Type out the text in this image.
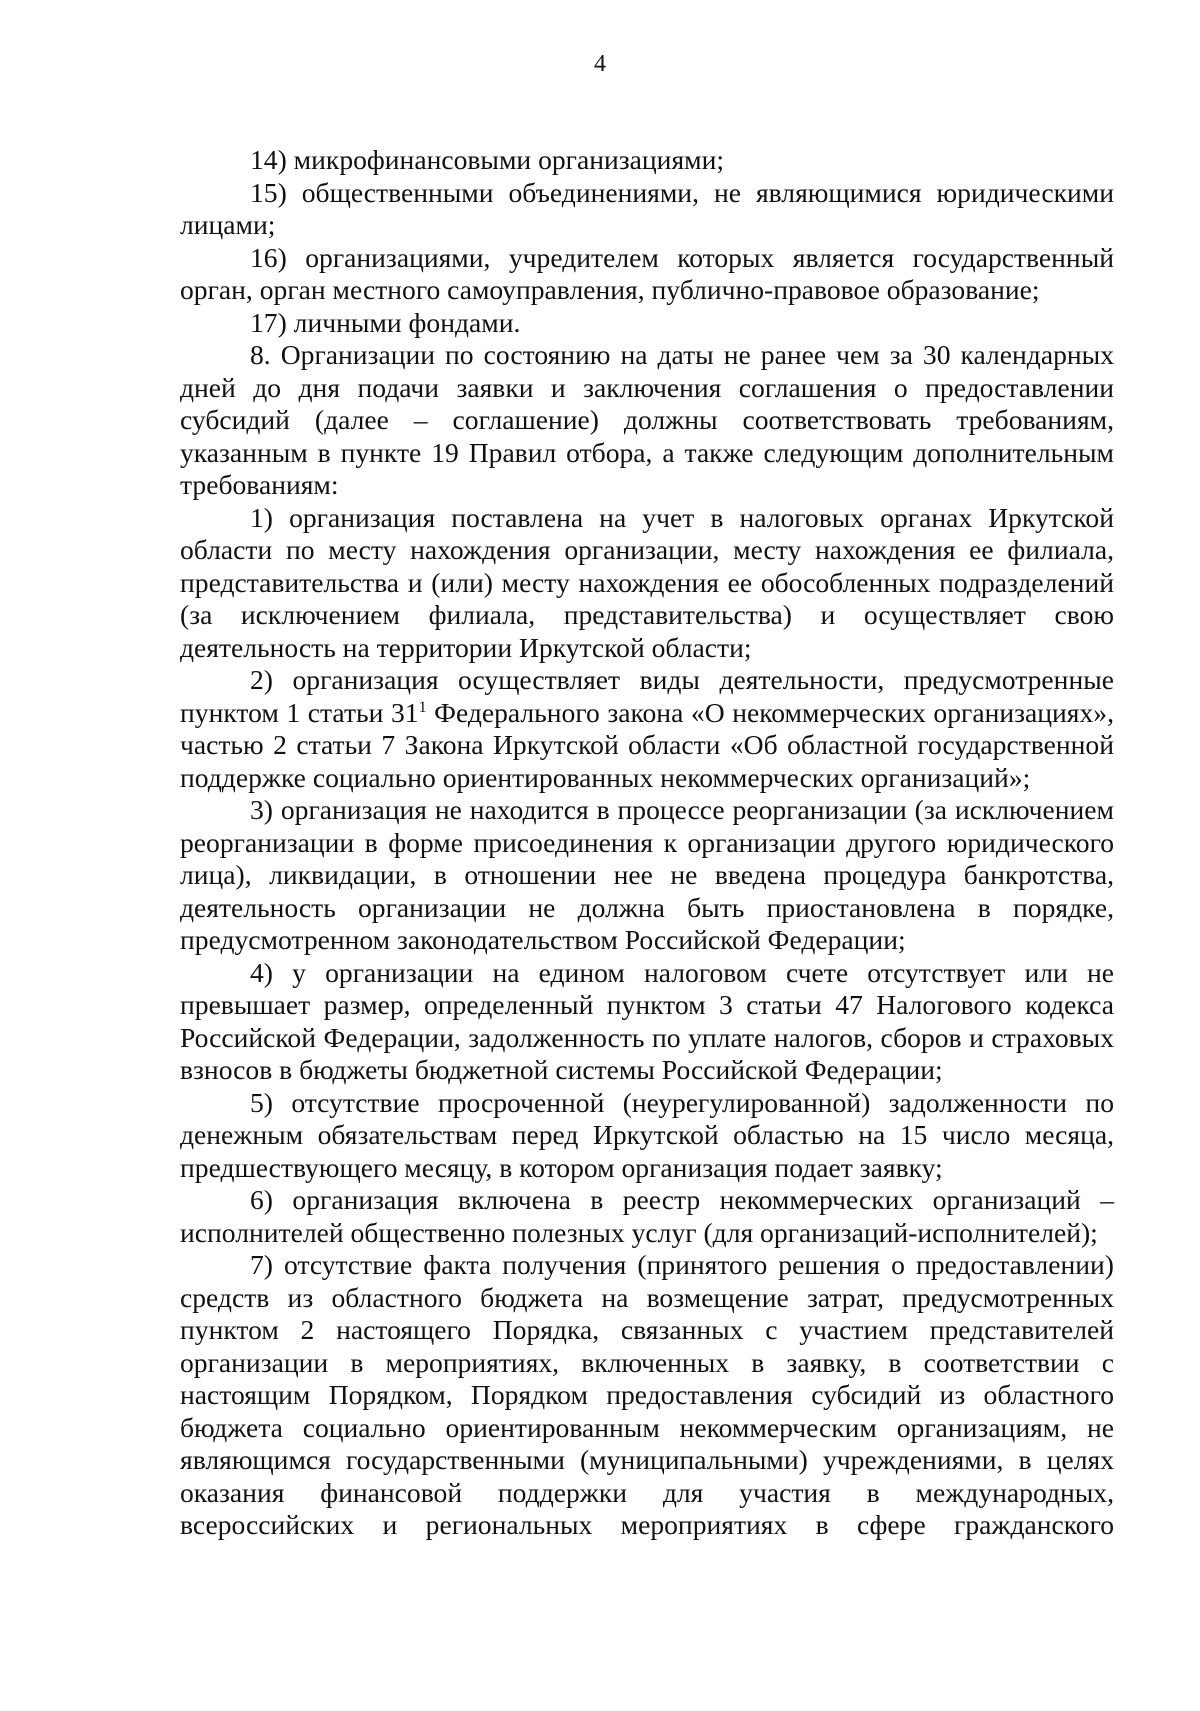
4

14) микрофинансовыми организациями;

15) общественными объединениями, не являющимися юридическими лицами;

16) организациями, учредителем которых является государственный орган, орган местного самоуправления, публично-правовое образование;

17) личными фондами.

8. Организации по состоянию на даты не ранее чем за 30 календарных дней до дня подачи заявки и заключения соглашения о предоставлении субсидий (далее – соглашение) должны соответствовать требованиям, указанным в пункте 19 Правил отбора, а также следующим дополнительным требованиям:

1) организация поставлена на учет в налоговых органах Иркутской области по месту нахождения организации, месту нахождения ее филиала, представительства и (или) месту нахождения ее обособленных подразделений (за исключением филиала, представительства) и осуществляет свою деятельность на территории Иркутской области;

2) организация осуществляет виды деятельности, предусмотренные пунктом 1 статьи $31^1$ Федерального закона «О некоммерческих организациях», частью 2 статьи 7 Закона Иркутской области «Об областной государственной поддержке социально ориентированных некоммерческих организаций»;

3) организация не находится в процессе реорганизации (за исключением реорганизации в форме присоединения к организации другого юридического лица), ликвидации, в отношении нее не введена процедура банкротства, деятельность организации не должна быть приостановлена в порядке, предусмотренном законодательством Российской Федерации;

4) у организации на едином налоговом счете отсутствует или не превышает размер, определенный пунктом 3 статьи 47 Налогового кодекса Российской Федерации, задолженность по уплате налогов, сборов и страховых взносов в бюджеты бюджетной системы Российской Федерации;

5) отсутствие просроченной (неурегулированной) задолженности по денежным обязательствам перед Иркутской областью на 15 число месяца, предшествующего месяцу, в котором организация подает заявку;

6) организация включена в реестр некоммерческих организаций – исполнителей общественно полезных услуг (для организаций-исполнителей);

7) отсутствие факта получения (принятого решения о предоставлении) средств из областного бюджета на возмещение затрат, предусмотренных пунктом 2 настоящего Порядка, связанных с участием представителей организации в мероприятиях, включенных в заявку, в соответствии с настоящим Порядком, Порядком предоставления субсидий из областного бюджета социально ориентированным некоммерческим организациям, не являющимся государственными (муниципальными) учреждениями, в целях оказания финансовой поддержки для участия в международных, всероссийских и региональных мероприятиях в сфере гражданского
